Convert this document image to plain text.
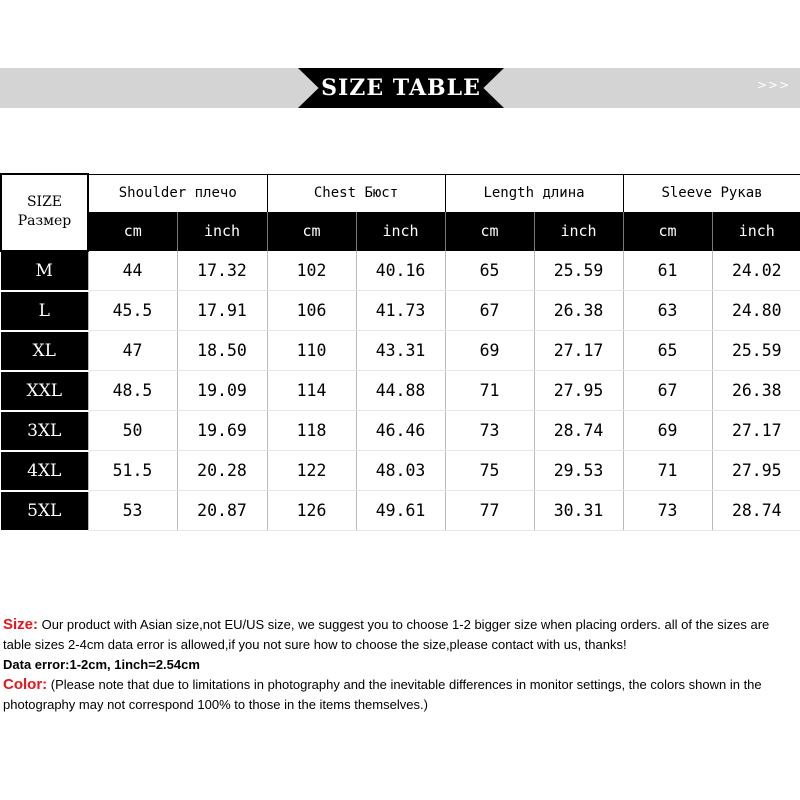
>>>
SIZE TABLE
SIZE
Размер	Shoulder плечо		Chest Бюст		Length длина		Sleeve Рукав	
	cm	inch	cm	inch	cm	inch	cm	inch
M	44	17.32	102	40.16	65	25.59	61	24.02
L	45.5	17.91	106	41.73	67	26.38	63	24.80
XL	47	18.50	110	43.31	69	27.17	65	25.59
XXL	48.5	19.09	114	44.88	71	27.95	67	26.38
3XL	50	19.69	118	46.46	73	28.74	69	27.17
4XL	51.5	20.28	122	48.03	75	29.53	71	27.95
5XL	53	20.87	126	49.61	77	30.31	73	28.74

Size: Our product with Asian size,not EU/US size, we suggest you to choose 1-2 bigger size when placing orders. all of the sizes are table sizes 2-4cm data error is allowed,if you not sure how to choose the size,please contact with us, thanks!

Data error:1-2cm, 1inch=2.54cm

Color: (Please note that due to limitations in photography and the inevitable differences in monitor settings, the colors shown in the photography may not correspond 100% to those in the items themselves.)
